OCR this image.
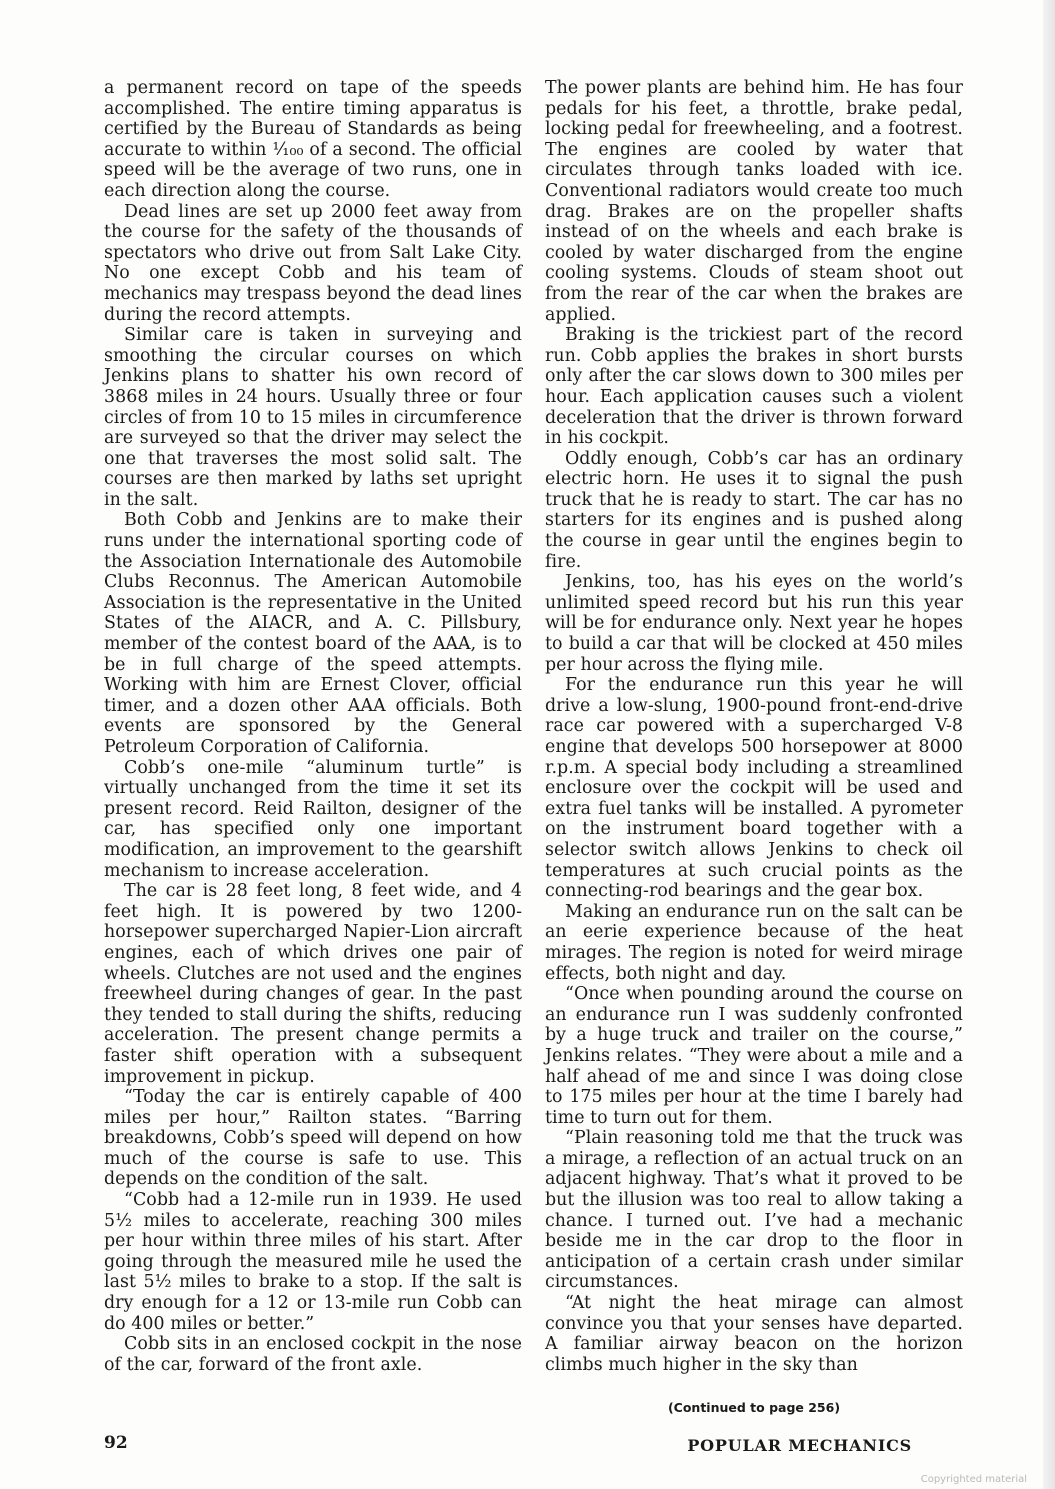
a permanent record on tape of the speeds accomplished. The entire timing apparatus is certified by the Bureau of Standards as being accurate to within ¹⁄₁₀₀ of a second. The official speed will be the average of two runs, one in each direction along the course.

Dead lines are set up 2000 feet away from the course for the safety of the thousands of spectators who drive out from Salt Lake City. No one except Cobb and his team of mechanics may trespass beyond the dead lines during the record attempts.

Similar care is taken in surveying and smoothing the circular courses on which Jenkins plans to shatter his own record of 3868 miles in 24 hours. Usually three or four circles of from 10 to 15 miles in circumference are surveyed so that the driver may select the one that traverses the most solid salt. The courses are then marked by laths set upright in the salt.

Both Cobb and Jenkins are to make their runs under the international sporting code of the Association Internationale des Automobile Clubs Reconnus. The American Automobile Association is the representative in the United States of the AIACR, and A. C. Pillsbury, member of the contest board of the AAA, is to be in full charge of the speed attempts. Working with him are Ernest Clover, official timer, and a dozen other AAA officials. Both events are sponsored by the General Petroleum Corporation of California.

Cobb’s one-mile “aluminum turtle” is virtually unchanged from the time it set its present record. Reid Railton, designer of the car, has specified only one important modification, an improvement to the gearshift mechanism to increase acceleration.

The car is 28 feet long, 8 feet wide, and 4 feet high. It is powered by two 1200-horsepower supercharged Napier-Lion aircraft engines, each of which drives one pair of wheels. Clutches are not used and the engines freewheel during changes of gear. In the past they tended to stall during the shifts, reducing acceleration. The present change permits a faster shift operation with a subsequent improvement in pickup.

“Today the car is entirely capable of 400 miles per hour,” Railton states. “Barring breakdowns, Cobb’s speed will depend on how much of the course is safe to use. This depends on the condition of the salt.

“Cobb had a 12-mile run in 1939. He used 5½ miles to accelerate, reaching 300 miles per hour within three miles of his start. After going through the measured mile he used the last 5½ miles to brake to a stop. If the salt is dry enough for a 12 or 13-mile run Cobb can do 400 miles or better.”

Cobb sits in an enclosed cockpit in the nose of the car, forward of the front axle.

The power plants are behind him. He has four pedals for his feet, a throttle, brake pedal, locking pedal for freewheeling, and a footrest. The engines are cooled by water that circulates through tanks loaded with ice. Conventional radiators would create too much drag. Brakes are on the propeller shafts instead of on the wheels and each brake is cooled by water discharged from the engine cooling systems. Clouds of steam shoot out from the rear of the car when the brakes are applied.

Braking is the trickiest part of the record run. Cobb applies the brakes in short bursts only after the car slows down to 300 miles per hour. Each application causes such a violent deceleration that the driver is thrown forward in his cockpit.

Oddly enough, Cobb’s car has an ordinary electric horn. He uses it to signal the push truck that he is ready to start. The car has no starters for its engines and is pushed along the course in gear until the engines begin to fire.

Jenkins, too, has his eyes on the world’s unlimited speed record but his run this year will be for endurance only. Next year he hopes to build a car that will be clocked at 450 miles per hour across the flying mile.

For the endurance run this year he will drive a low-slung, 1900-pound front-end-drive race car powered with a supercharged V-8 engine that develops 500 horsepower at 8000 r.p.m. A special body including a streamlined enclosure over the cockpit will be used and extra fuel tanks will be installed. A pyrometer on the instrument board together with a selector switch allows Jenkins to check oil temperatures at such crucial points as the connecting-rod bearings and the gear box.

Making an endurance run on the salt can be an eerie experience because of the heat mirages. The region is noted for weird mirage effects, both night and day.

“Once when pounding around the course on an endurance run I was suddenly confronted by a huge truck and trailer on the course,” Jenkins relates. “They were about a mile and a half ahead of me and since I was doing close to 175 miles per hour at the time I barely had time to turn out for them.

“Plain reasoning told me that the truck was a mirage, a reflection of an actual truck on an adjacent highway. That’s what it proved to be but the illusion was too real to allow taking a chance. I turned out. I’ve had a mechanic beside me in the car drop to the floor in anticipation of a certain crash under similar circumstances.

“At night the heat mirage can almost convince you that your senses have departed. A familiar airway beacon on the horizon climbs much higher in the sky than

(Continued to page 256)
92	POPULAR MECHANICS
Copyrighted material
